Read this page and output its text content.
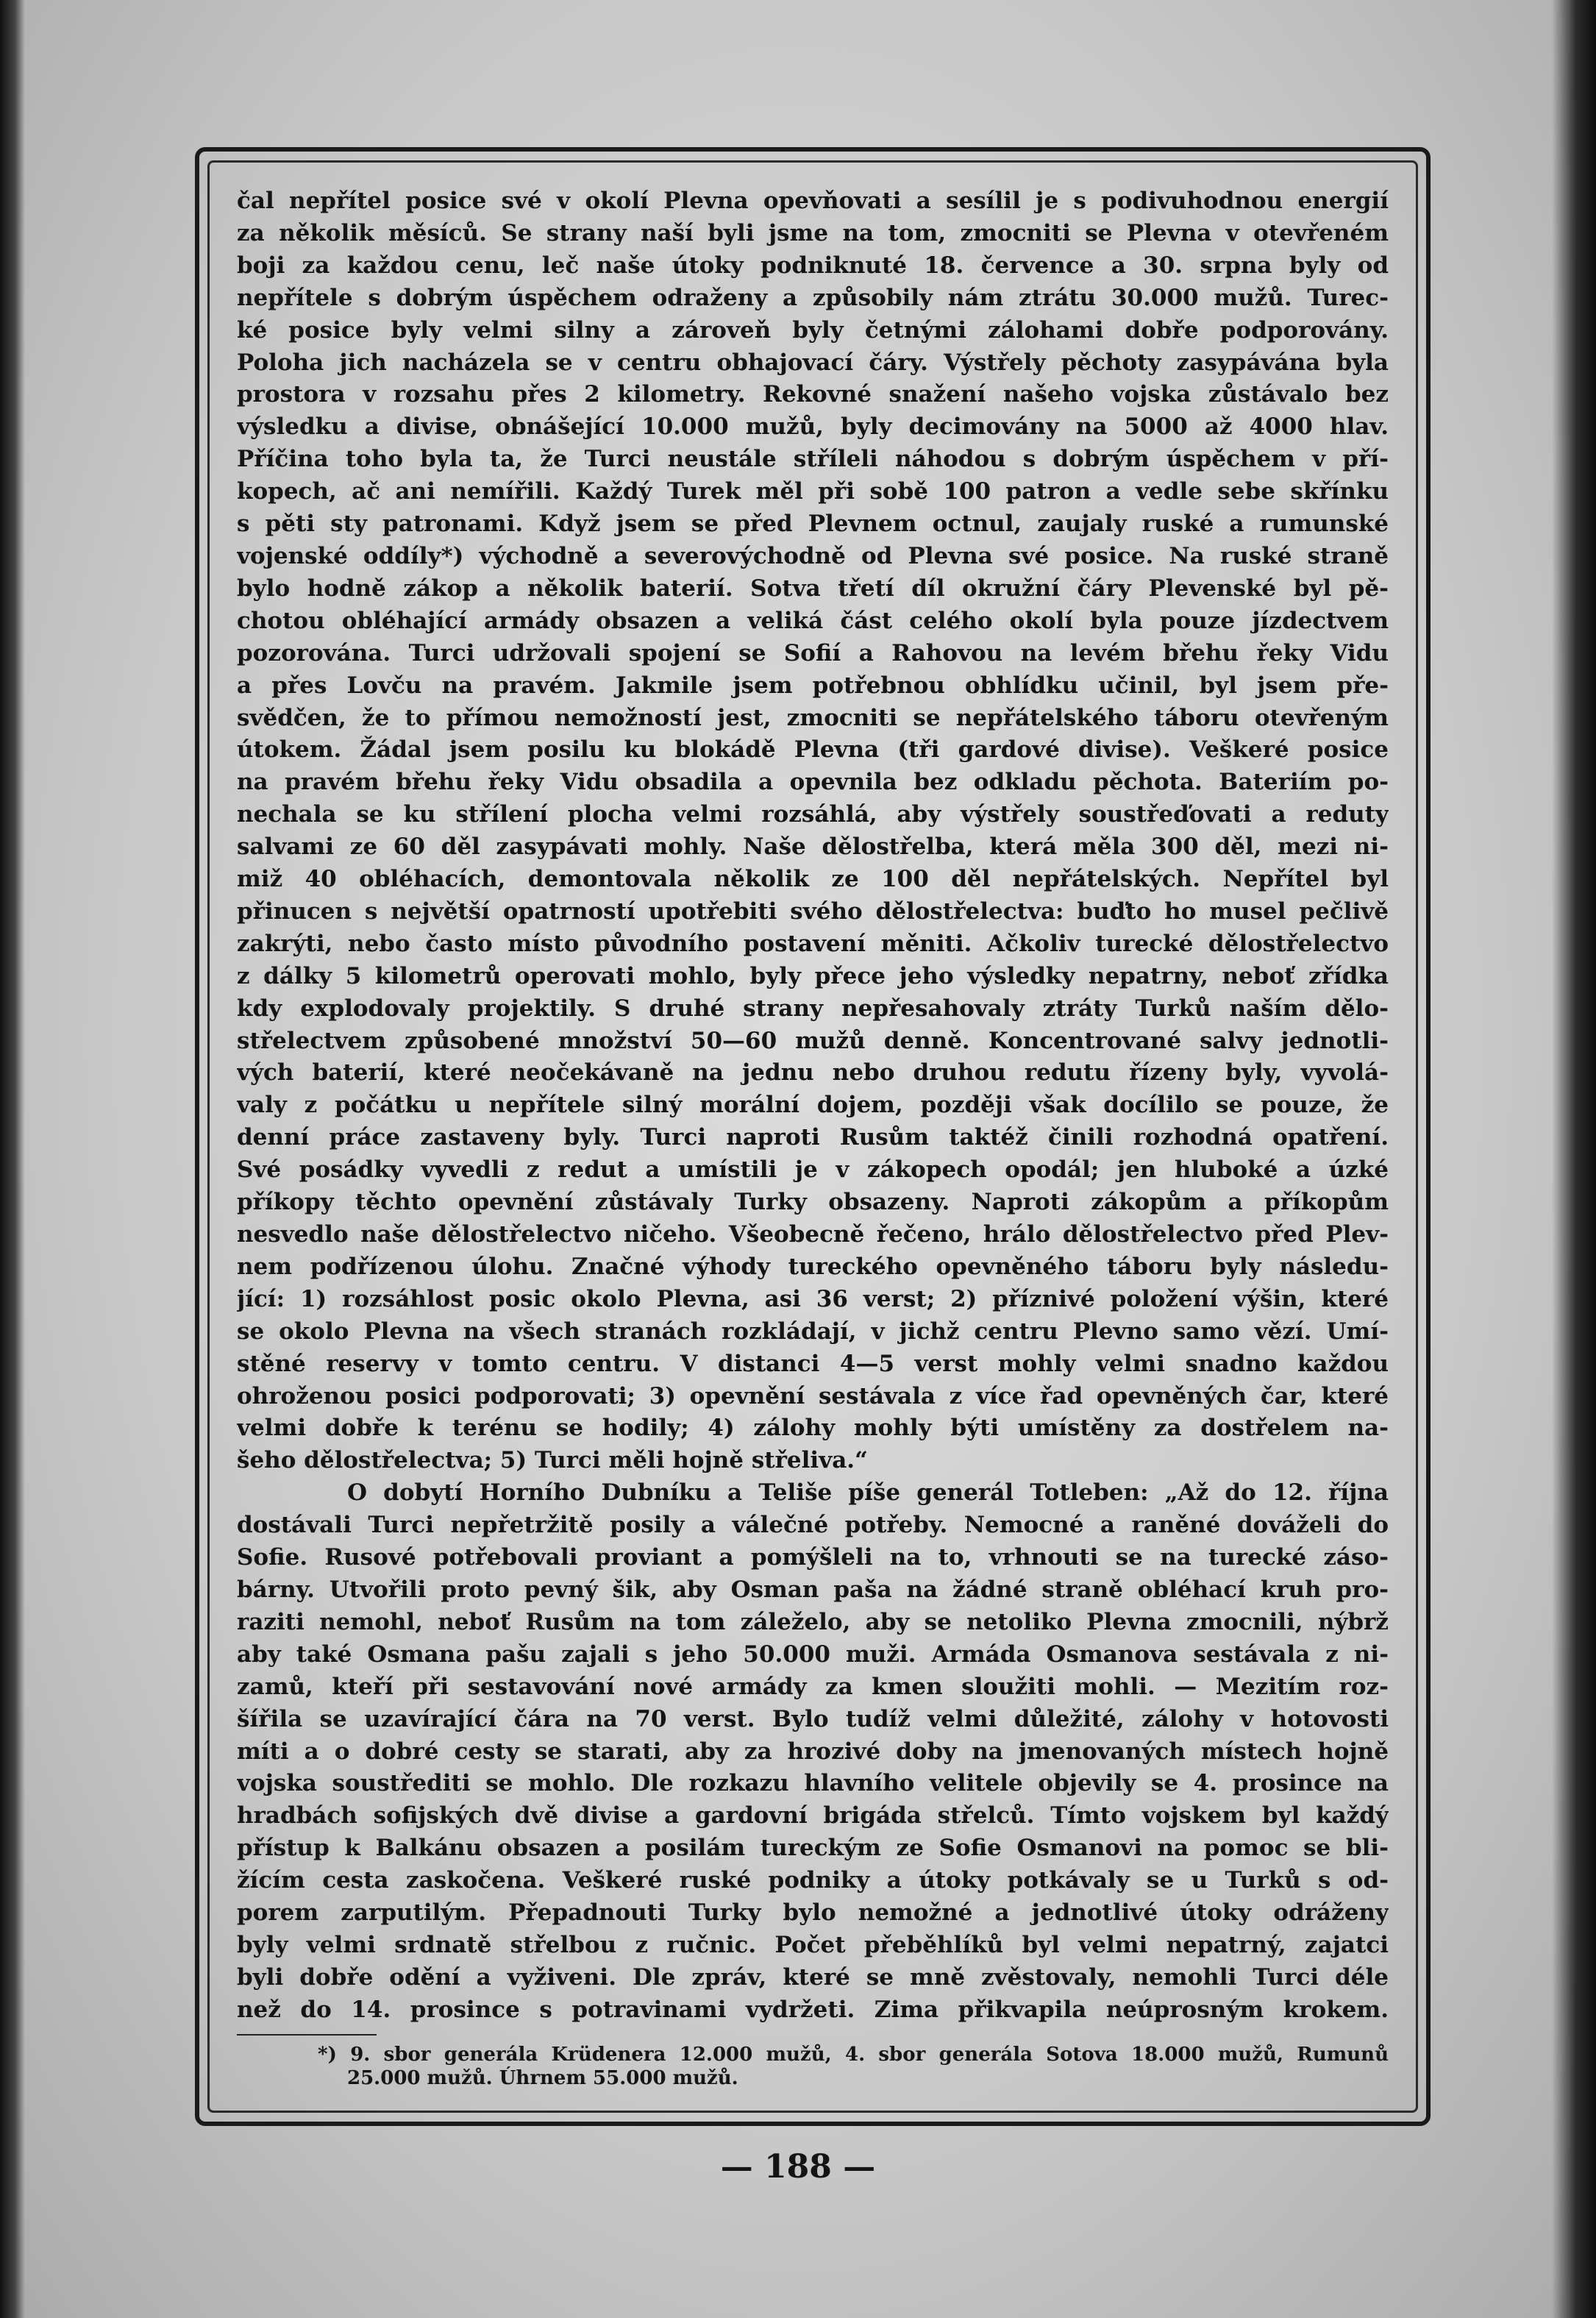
čal nepřítel posice své v okolí Plevna opevňovati a sesílil je s podivuhodnou energií

za několik měsíců. Se strany naší byli jsme na tom, zmocniti se Plevna v otevřeném

boji za každou cenu, leč naše útoky podniknuté 18. července a 30. srpna byly od

nepřítele s dobrým úspěchem odraženy a způsobily nám ztrátu 30.000 mužů. Turec-

ké posice byly velmi silny a zároveň byly četnými zálohami dobře podporovány.

Poloha jich nacházela se v centru obhajovací čáry. Výstřely pěchoty zasypávána byla

prostora v rozsahu přes 2 kilometry. Rekovné snažení našeho vojska zůstávalo bez

výsledku a divise, obnášející 10.000 mužů, byly decimovány na 5000 až 4000 hlav.

Příčina toho byla ta, že Turci neustále stříleli náhodou s dobrým úspěchem v pří-

kopech, ač ani nemířili. Každý Turek měl při sobě 100 patron a vedle sebe skřínku

s pěti sty patronami. Když jsem se před Plevnem octnul, zaujaly ruské a rumunské

vojenské oddíly*) východně a severovýchodně od Plevna své posice. Na ruské straně

bylo hodně zákop a několik baterií. Sotva třetí díl okružní čáry Plevenské byl pě-

chotou obléhající armády obsazen a veliká část celého okolí byla pouze jízdectvem

pozorována. Turci udržovali spojení se Sofií a Rahovou na levém břehu řeky Vidu

a přes Lovču na pravém. Jakmile jsem potřebnou obhlídku učinil, byl jsem pře-

svědčen, že to přímou nemožností jest, zmocniti se nepřátelského táboru otevřeným

útokem. Žádal jsem posilu ku blokádě Plevna (tři gardové divise). Veškeré posice

na pravém břehu řeky Vidu obsadila a opevnila bez odkladu pěchota. Bateriím po-

nechala se ku střílení plocha velmi rozsáhlá, aby výstřely soustřeďovati a reduty

salvami ze 60 děl zasypávati mohly. Naše dělostřelba, která měla 300 děl, mezi ni-

miž 40 obléhacích, demontovala několik ze 100 děl nepřátelských. Nepřítel byl

přinucen s největší opatrností upotřebiti svého dělostřelectva: buďto ho musel pečlivě

zakrýti, nebo často místo původního postavení měniti. Ačkoliv turecké dělostřelectvo

z dálky 5 kilometrů operovati mohlo, byly přece jeho výsledky nepatrny, neboť zřídka

kdy explodovaly projektily. S druhé strany nepřesahovaly ztráty Turků naším dělo-

střelectvem způsobené množství 50—60 mužů denně. Koncentrované salvy jednotli-

vých baterií, které neočekávaně na jednu nebo druhou redutu řízeny byly, vyvolá-

valy z počátku u nepřítele silný morální dojem, později však docílilo se pouze, že

denní práce zastaveny byly. Turci naproti Rusům taktéž činili rozhodná opatření.

Své posádky vyvedli z redut a umístili je v zákopech opodál; jen hluboké a úzké

příkopy těchto opevnění zůstávaly Turky obsazeny. Naproti zákopům a příkopům

nesvedlo naše dělostřelectvo ničeho. Všeobecně řečeno, hrálo dělostřelectvo před Plev-

nem podřízenou úlohu. Značné výhody tureckého opevněného táboru byly následu-

jící: 1) rozsáhlost posic okolo Plevna, asi 36 verst; 2) příznivé položení výšin, které

se okolo Plevna na všech stranách rozkládají, v jichž centru Plevno samo vězí. Umí-

stěné reservy v tomto centru. V distanci 4—5 verst mohly velmi snadno každou

ohroženou posici podporovati; 3) opevnění sestávala z více řad opevněných čar, které

velmi dobře k terénu se hodily; 4) zálohy mohly býti umístěny za dostřelem na-

šeho dělostřelectva; 5) Turci měli hojně střeliva.“

O dobytí Horního Dubníku a Teliše píše generál Totleben: „Až do 12. října

dostávali Turci nepřetržitě posily a válečné potřeby. Nemocné a raněné dováželi do

Sofie. Rusové potřebovali proviant a pomýšleli na to, vrhnouti se na turecké záso-

bárny. Utvořili proto pevný šik, aby Osman paša na žádné straně obléhací kruh pro-

raziti nemohl, neboť Rusům na tom záleželo, aby se netoliko Plevna zmocnili, nýbrž

aby také Osmana pašu zajali s jeho 50.000 muži. Armáda Osmanova sestávala z ni-

zamů, kteří při sestavování nové armády za kmen sloužiti mohli. — Mezitím roz-

šířila se uzavírající čára na 70 verst. Bylo tudíž velmi důležité, zálohy v hotovosti

míti a o dobré cesty se starati, aby za hrozivé doby na jmenovaných místech hojně

vojska soustřediti se mohlo. Dle rozkazu hlavního velitele objevily se 4. prosince na

hradbách sofijských dvě divise a gardovní brigáda střelců. Tímto vojskem byl každý

přístup k Balkánu obsazen a posilám tureckým ze Sofie Osmanovi na pomoc se bli-

žícím cesta zaskočena. Veškeré ruské podniky a útoky potkávaly se u Turků s od-

porem zarputilým. Přepadnouti Turky bylo nemožné a jednotlivé útoky odráženy

byly velmi srdnatě střelbou z ručnic. Počet přeběhlíků byl velmi nepatrný, zajatci

byli dobře odění a vyživeni. Dle zpráv, které se mně zvěstovaly, nemohli Turci déle

než do 14. prosince s potravinami vydržeti. Zima přikvapila neúprosným krokem.

*) 9. sbor generála Krüdenera 12.000 mužů, 4. sbor generála Sotova 18.000 mužů, Rumunů

25.000 mužů. Úhrnem 55.000 mužů.

— 188 —
